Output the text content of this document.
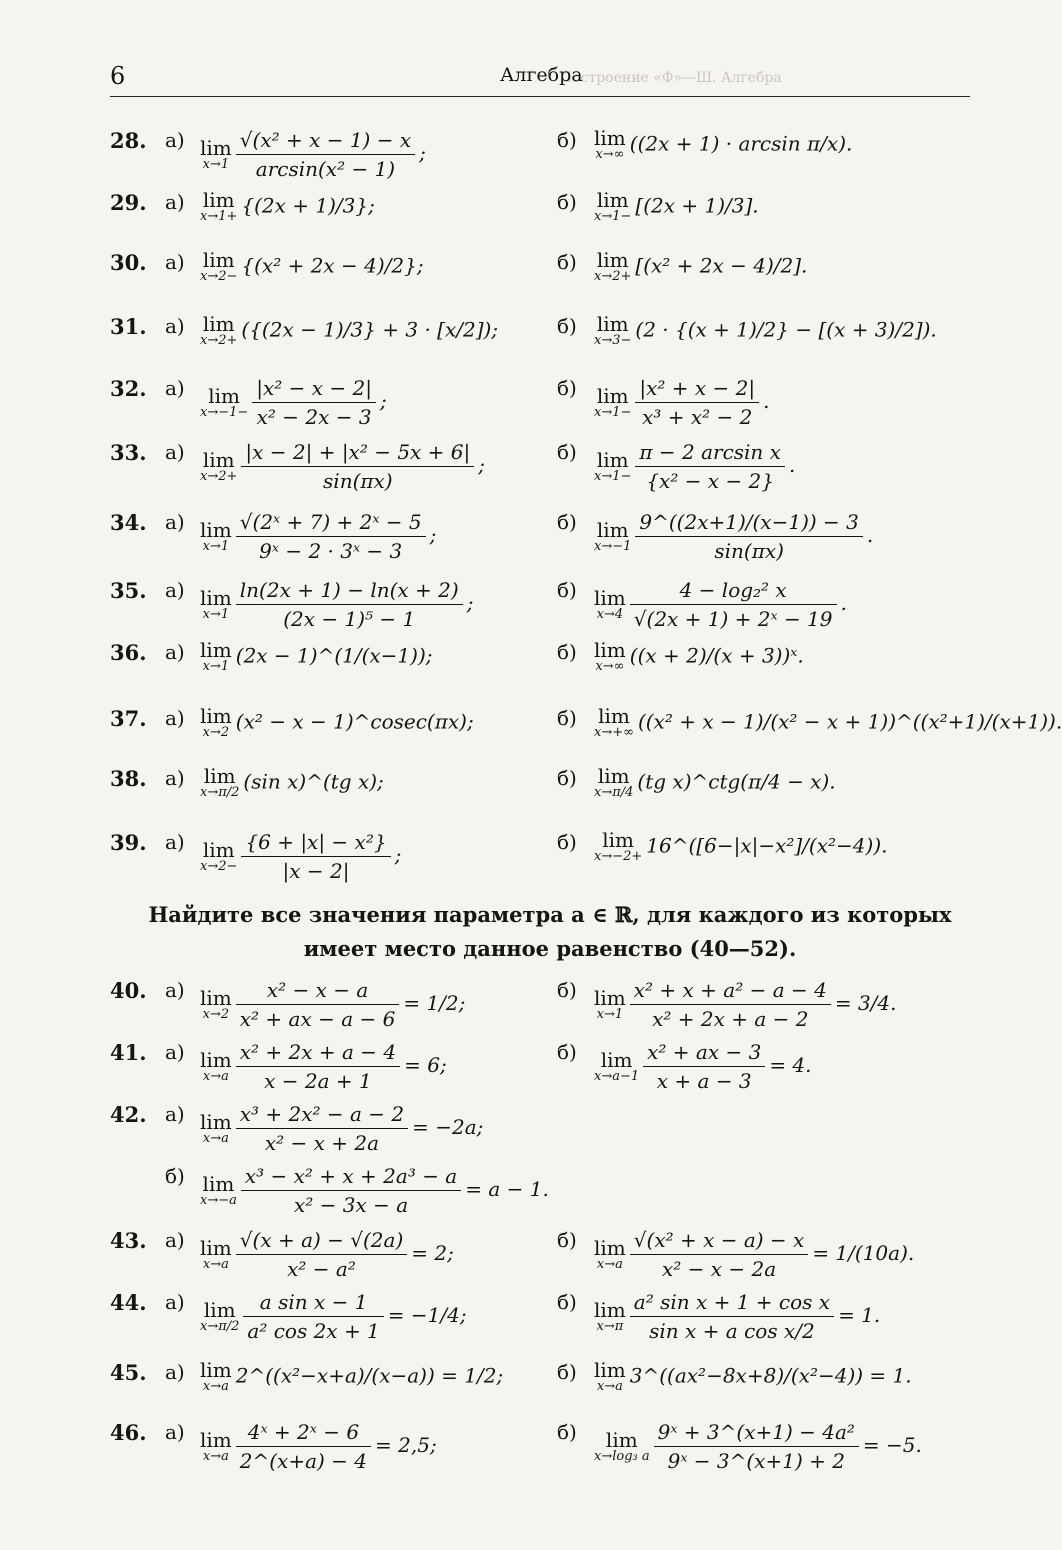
Построение «Ф»—Ш. Алгебра
6	Алгебра
28. а) lim
$x\to 1 \frac{\text{√(x² + x − 1) − x}}{\text{arcsin(x² − 1)}}$ ;
б) lim
x→∞ ((2x + 1) · arcsin π/x).
29. а) lim
x→1+ {(2x + 1)/3};	б) lim
x→1− [(2x + 1)/3].
30. а) lim
x→2− {(x² + 2x − 4)/2};	б) lim
x→2+ [(x² + 2x − 4)/2].
31. а) lim
x→2+ ({(2x − 1)/3} + 3 · [x/2]);	б) lim
x→3− (2 · {(x + 1)/2} − [(x + 3)/2]).
32. а)	lim
$x\to-1- \frac{\text{|x² − x − 2|}}{\text{x² − 2x − 3}}$ ;
б) lim
$x\to 1- \frac{\text{|x² + x − 2|}}{\text{x³ + x² − 2}}$ .
33. а) lim
$x\to 2+ \frac{\text{|x − 2| + |x² − 5x + 6|}}{\sin(\pi x)}$ ;
б) lim
$x\to 1- \frac{\text{π − 2 arcsin x}}{\text{\{x² − x − 2\}}}$ .
34. а) lim
$x\to 1 \frac{\text{√(2ˣ + 7) + 2ˣ − 5}}{\text{9ˣ − 2 · 3ˣ − 3}}$ ;
б) lim
$x\to-1 \frac{9\^{}((2x+1)/(x-1)) - 3}{\sin(\pi x)}$ .
35. а) lim
$x\to 1 \frac{\ln(2x + 1) - \ln(x + 2)}{\text{(2x − 1)⁵ − 1}}$ ;
б) lim
$x\to 4 \frac{\text{4 − log₂² x}}{\text{√(2x + 1) + 2ˣ − 19}}$ .
36. а) lim
x→1 (2x − 1)^(1/(x−1));	б) lim
x→∞ ((x + 2)/(x + 3))ˣ.
37. а) lim
x→2 (x² − x − 1)^cosec(πx);	б) lim
x→+∞ ((x² + x − 1)/(x² − x + 1))^((x²+1)/(x+1)).
38. а) lim
x→π/2 (sin x)^(tg x);	б) lim
x→π/4 (tg x)^ctg(π/4 − x).
39. а) lim
$x\to 2- \frac{\text{\{6 + |x| − x²\}}}{|x - 2|}$ ;
б)	lim
x→−2+ 16^([6−|x|−x²]/(x²−4)).
40. а) lim
$x\to 2 \frac{\text{x² − x − a}}{\text{x² + ax − a − 6}} = 1/2$;
б) lim
$x\to 1 \frac{\text{x² + x + a² − a − 4}}{\text{x² + 2x + a − 2}} = 3/4$.
41. а) lim
$x\to a \frac{\text{x² + 2x + a − 4}}{x - 2a + 1} = 6$;
б)	lim
$x\to a-1 \frac{\text{x² + ax − 3}}{x + a - 3} = 4$.
42. а) lim
$x\to a \frac{\text{x³ + 2x² − a − 2}}{\text{x² − x + 2a}} = -2a$;
б) lim
$x\to-a \frac{\text{x³ − x² + x + 2a³ − a}}{\text{x² − 3x − a}} = a - 1$.
43. а) lim
$x\to a \frac{√(x + a) - √(2a)}{\text{x² − a²}} = 2$;
б) lim
$x\to a \frac{\text{√(x² + x − a) − x}}{\text{x² − x − 2a}} = 1/(10a)$.
44. а) lim
$x\to\pi/2 \frac{\text{a sin x − 1}}{\text{a² cos 2x + 1}} = -1/4$;
б) lim
$x\to\pi \frac{\text{a² sin x + 1 + cos x}}{\text{sin x + a cos x/2}} = 1$.
45. а) lim
x→a 2^((x²−x+a)/(x−a)) = 1/2;	б) lim
x→a 3^((ax²−8x+8)/(x²−4)) = 1.
46. а) lim
$x\to a \frac{\text{4ˣ + 2ˣ − 6}}{2\^{}(x+a) - 4} = 2,5$;
б)	lim
x→log₃ a $\frac{\text{9ˣ + 3\textasciicircum{}(x+1) − 4a²}}{\text{9ˣ − 3\textasciicircum{}(x+1) + 2}} = -5$.
Найдите все значения параметра a ∈ ℝ, для каждого из которых
имеет место данное равенство (40—52).
